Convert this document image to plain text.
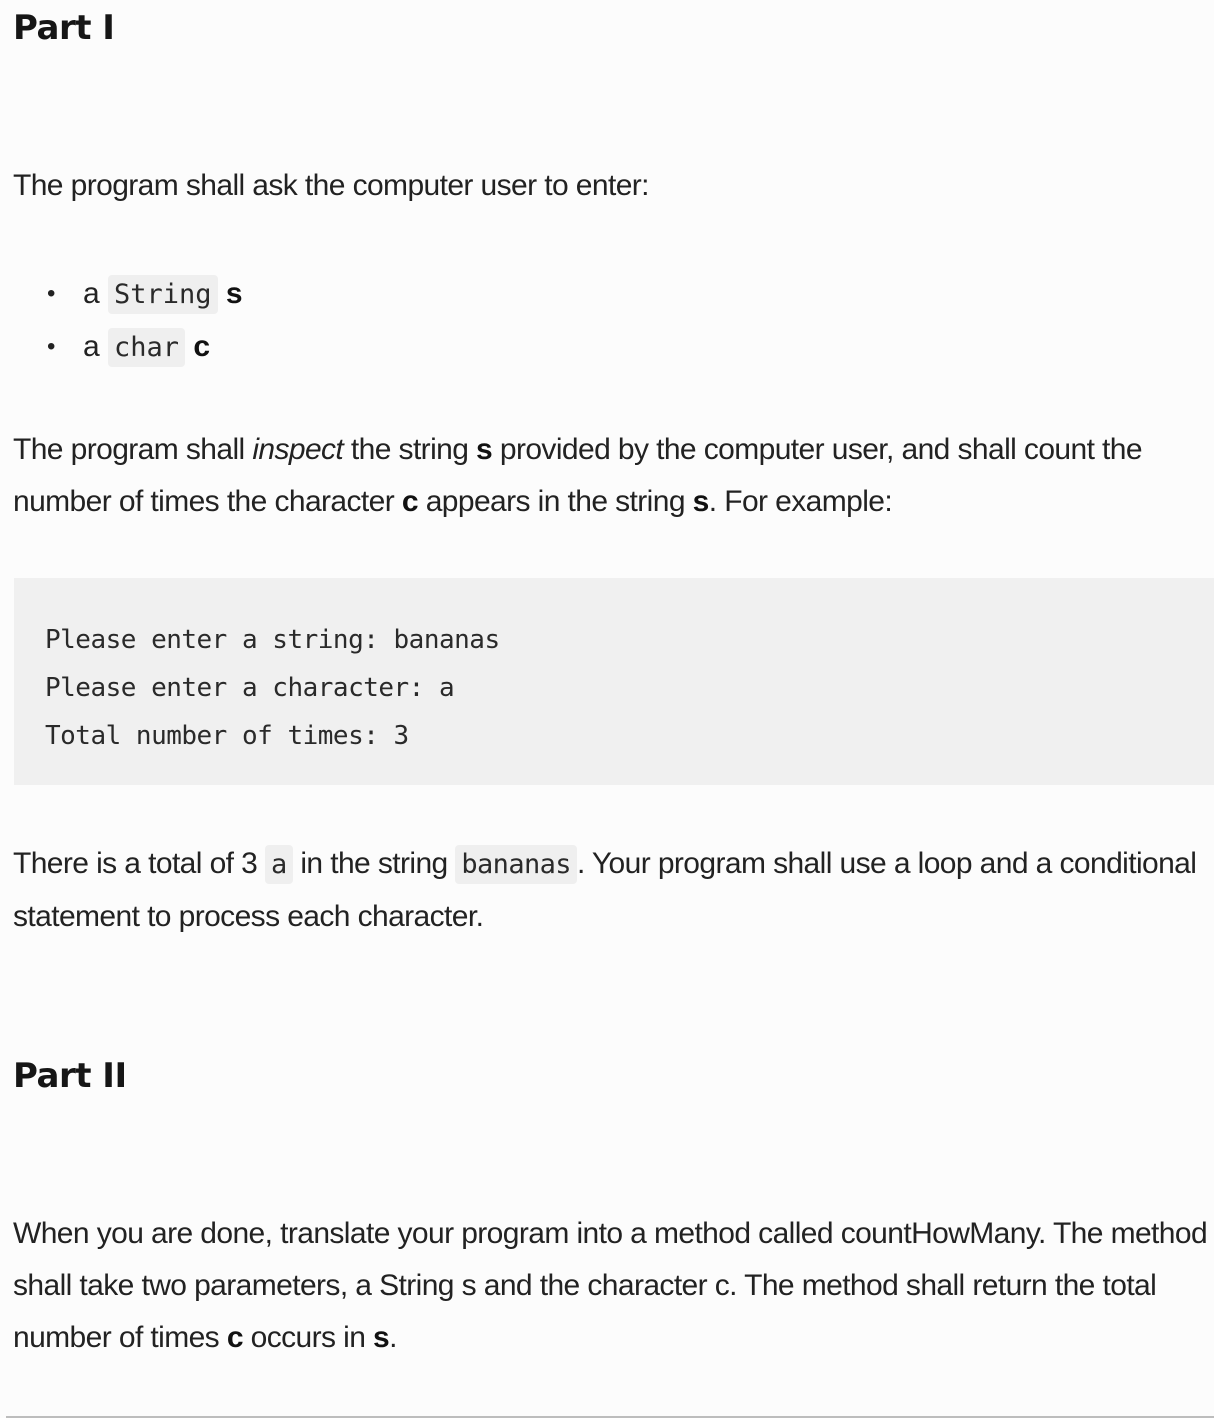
Part I

The program shall ask the computer user to enter:

• a String s
• a char c

The program shall inspect the string s provided by the computer user, and shall count the number of times the character c appears in the string s. For example:

Please enter a string: bananas
Please enter a character: a
Total number of times: 3

There is a total of 3 a in the string bananas . Your program shall use a loop and a conditional statement to process each character.

Part II

When you are done, translate your program into a method called countHowMany. The method shall take two parameters, a String s and the character c. The method shall return the total number of times c occurs in s.
